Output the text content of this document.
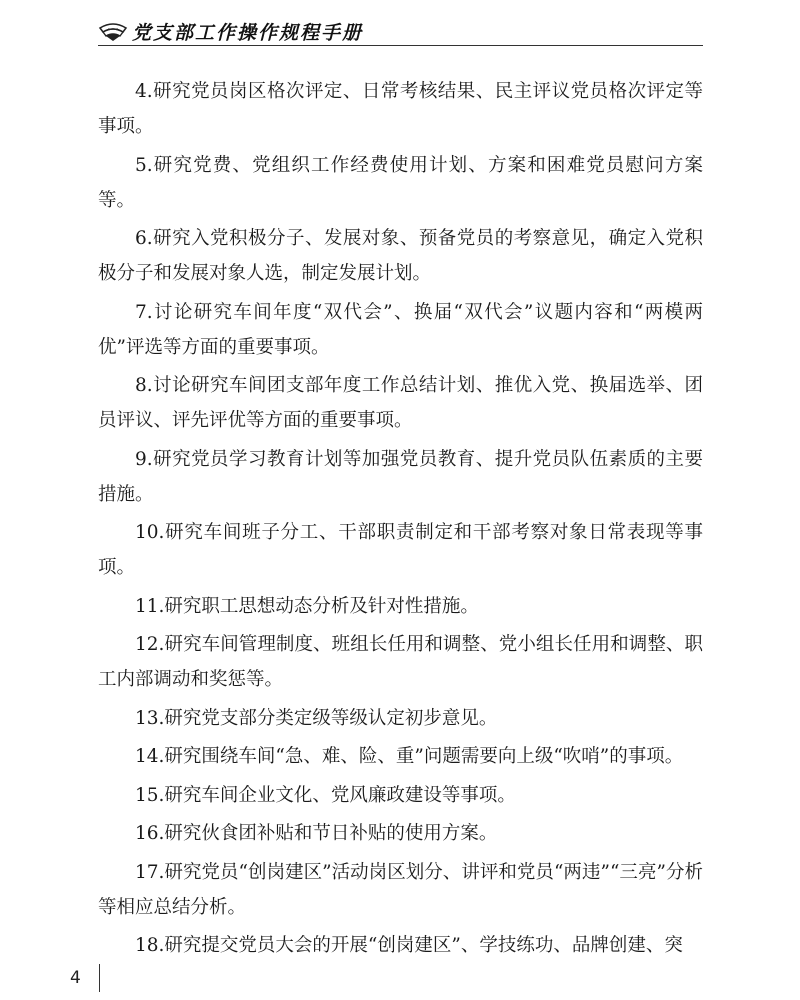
党支部工作操作规程手册

4.研究党员岗区格次评定、日常考核结果、民主评议党员格次评定等事项。

5.研究党费、党组织工作经费使用计划、方案和困难党员慰问方案等。

6.研究入党积极分子、发展对象、预备党员的考察意见，确定入党积极分子和发展对象人选，制定发展计划。

7.讨论研究车间年度“双代会”、换届“双代会”议题内容和“两模两优”评选等方面的重要事项。

8.讨论研究车间团支部年度工作总结计划、推优入党、换届选举、团员评议、评先评优等方面的重要事项。

9.研究党员学习教育计划等加强党员教育、提升党员队伍素质的主要措施。

10.研究车间班子分工、干部职责制定和干部考察对象日常表现等事项。

11.研究职工思想动态分析及针对性措施。

12.研究车间管理制度、班组长任用和调整、党小组长任用和调整、职工内部调动和奖惩等。

13.研究党支部分类定级等级认定初步意见。

14.研究围绕车间“急、难、险、重”问题需要向上级“吹哨”的事项。

15.研究车间企业文化、党风廉政建设等事项。

16.研究伙食团补贴和节日补贴的使用方案。

17.研究党员“创岗建区”活动岗区划分、讲评和党员“两违”“三亮”分析等相应总结分析。

18.研究提交党员大会的开展“创岗建区”、学技练功、品牌创建、突

4
